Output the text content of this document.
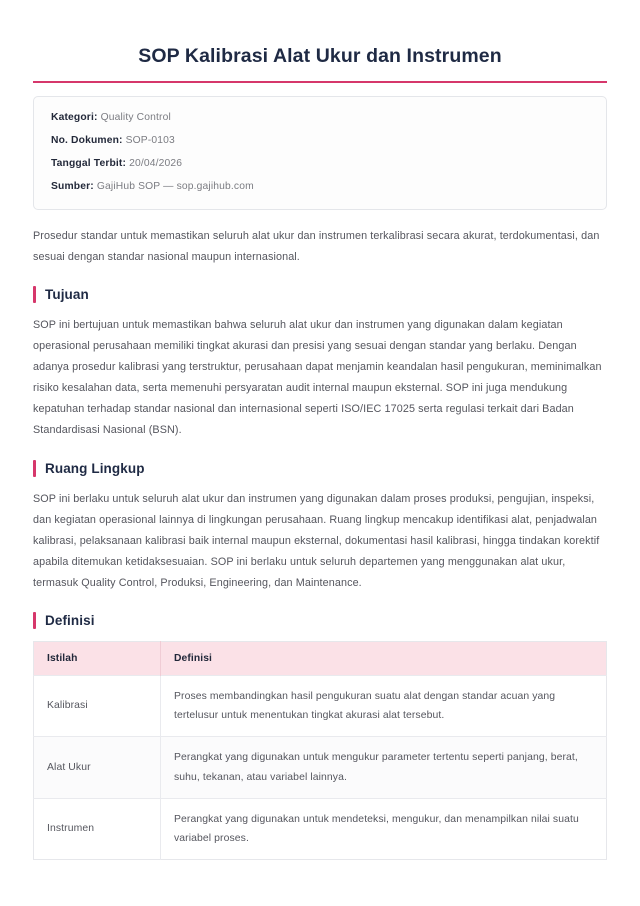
SOP Kalibrasi Alat Ukur dan Instrumen
Kategori: Quality Control
No. Dokumen: SOP-0103
Tanggal Terbit: 20/04/2026
Sumber: GajiHub SOP — sop.gajihub.com

Prosedur standar untuk memastikan seluruh alat ukur dan instrumen terkalibrasi secara akurat, terdokumentasi, dan sesuai dengan standar nasional maupun internasional.

Tujuan

SOP ini bertujuan untuk memastikan bahwa seluruh alat ukur dan instrumen yang digunakan dalam kegiatan operasional perusahaan memiliki tingkat akurasi dan presisi yang sesuai dengan standar yang berlaku. Dengan adanya prosedur kalibrasi yang terstruktur, perusahaan dapat menjamin keandalan hasil pengukuran, meminimalkan risiko kesalahan data, serta memenuhi persyaratan audit internal maupun eksternal. SOP ini juga mendukung kepatuhan terhadap standar nasional dan internasional seperti ISO/IEC 17025 serta regulasi terkait dari Badan Standardisasi Nasional (BSN).

Ruang Lingkup

SOP ini berlaku untuk seluruh alat ukur dan instrumen yang digunakan dalam proses produksi, pengujian, inspeksi, dan kegiatan operasional lainnya di lingkungan perusahaan. Ruang lingkup mencakup identifikasi alat, penjadwalan kalibrasi, pelaksanaan kalibrasi baik internal maupun eksternal, dokumentasi hasil kalibrasi, hingga tindakan korektif apabila ditemukan ketidaksesuaian. SOP ini berlaku untuk seluruh departemen yang menggunakan alat ukur, termasuk Quality Control, Produksi, Engineering, dan Maintenance.

Definisi
Istilah	Definisi
Kalibrasi	Proses membandingkan hasil pengukuran suatu alat dengan standar acuan yang tertelusur untuk menentukan tingkat akurasi alat tersebut.
Alat Ukur	Perangkat yang digunakan untuk mengukur parameter tertentu seperti panjang, berat, suhu, tekanan, atau variabel lainnya.
Instrumen	Perangkat yang digunakan untuk mendeteksi, mengukur, dan menampilkan nilai suatu variabel proses.
